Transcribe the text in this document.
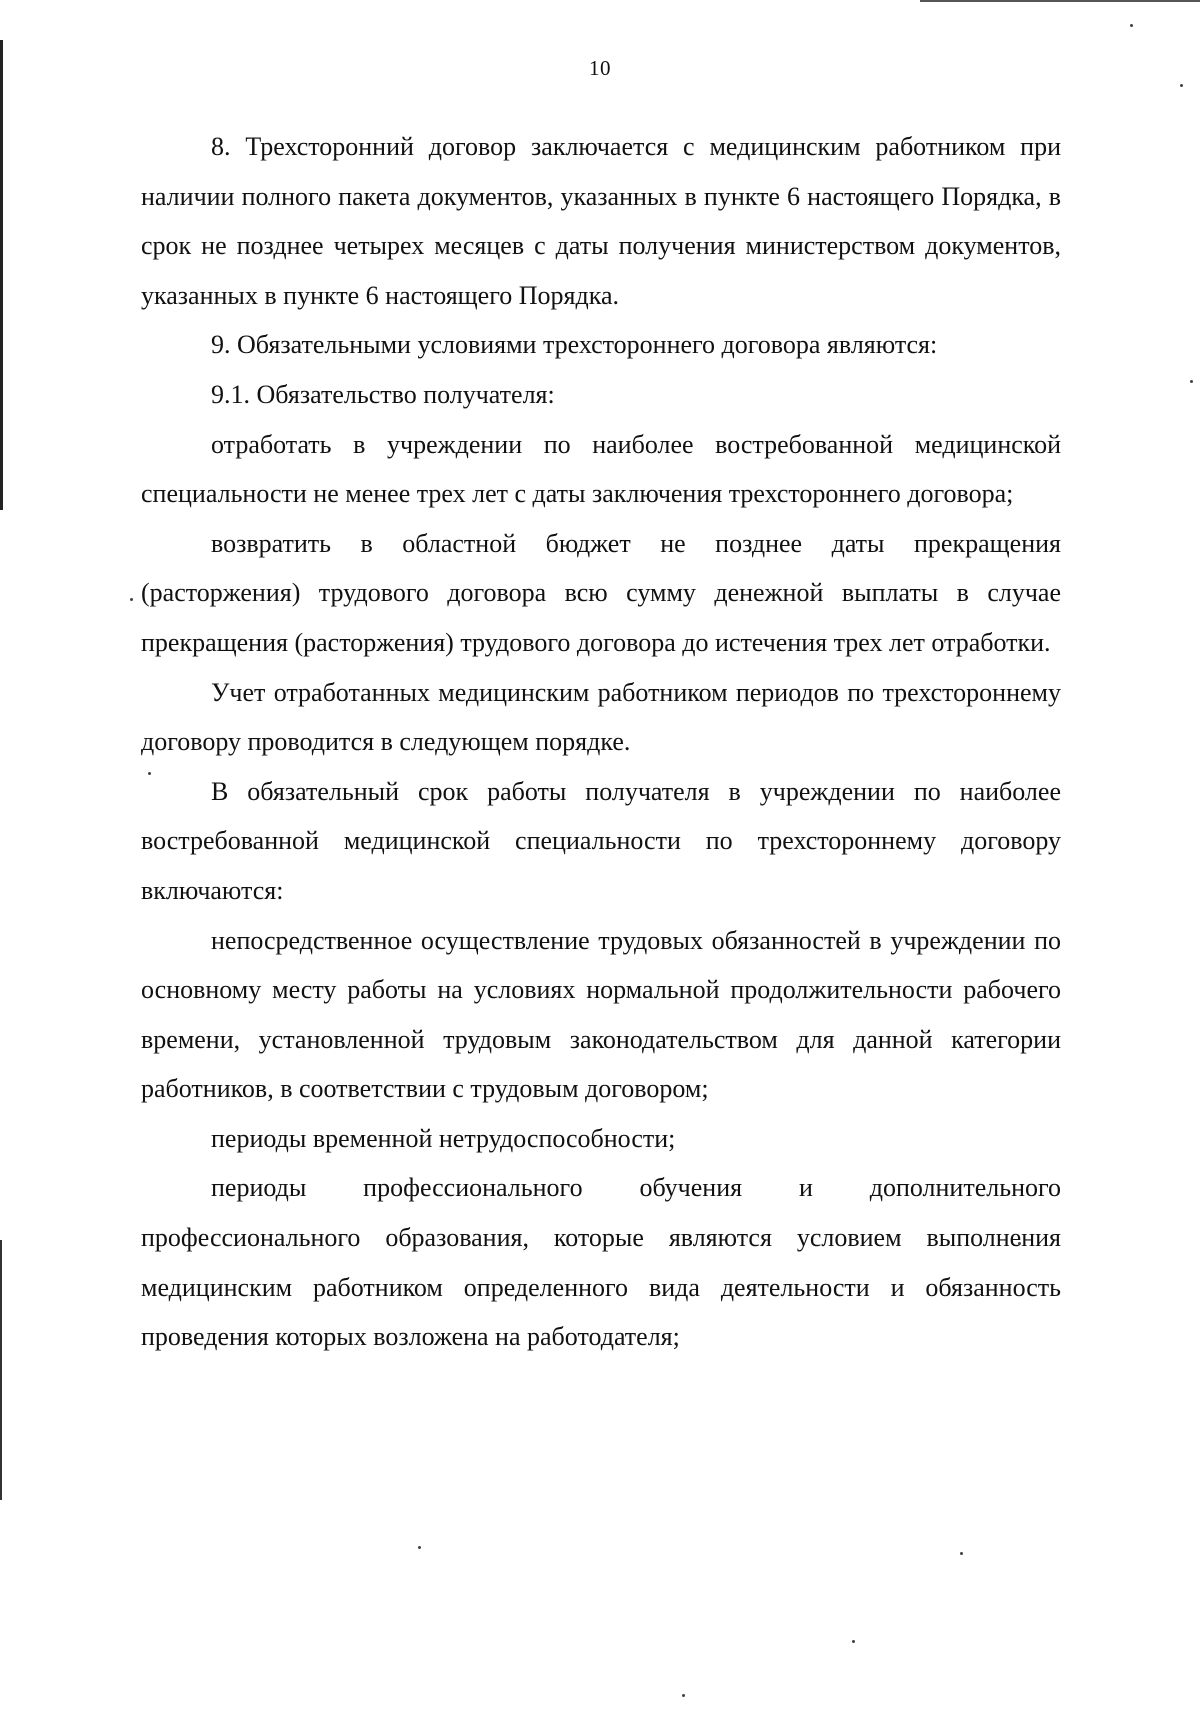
10

8. Трехсторонний договор заключается с медицинским работником при наличии полного пакета документов, указанных в пункте 6 настоящего Порядка, в срок не позднее четырех месяцев с даты получения министерством документов, указанных в пункте 6 настоящего Порядка.

9. Обязательными условиями трехстороннего договора являются:

9.1. Обязательство получателя:

отработать в учреждении по наиболее востребованной медицинской специальности не менее трех лет с даты заключения трехстороннего договора;

возвратить в областной бюджет не позднее даты прекращения (расторжения) трудового договора всю сумму денежной выплаты в случае прекращения (расторжения) трудового договора до истечения трех лет отработки.

Учет отработанных медицинским работником периодов по трехстороннему договору проводится в следующем порядке.

В обязательный срок работы получателя в учреждении по наиболее востребованной медицинской специальности по трехстороннему договору включаются:

непосредственное осуществление трудовых обязанностей в учреждении по основному месту работы на условиях нормальной продолжительности рабочего времени, установленной трудовым законодательством для данной категории работников, в соответствии с трудовым договором;

периоды временной нетрудоспособности;

периоды профессионального обучения и дополнительного профессионального образования, которые являются условием выполнения медицинским работником определенного вида деятельности и обязанность проведения которых возложена на работодателя;
